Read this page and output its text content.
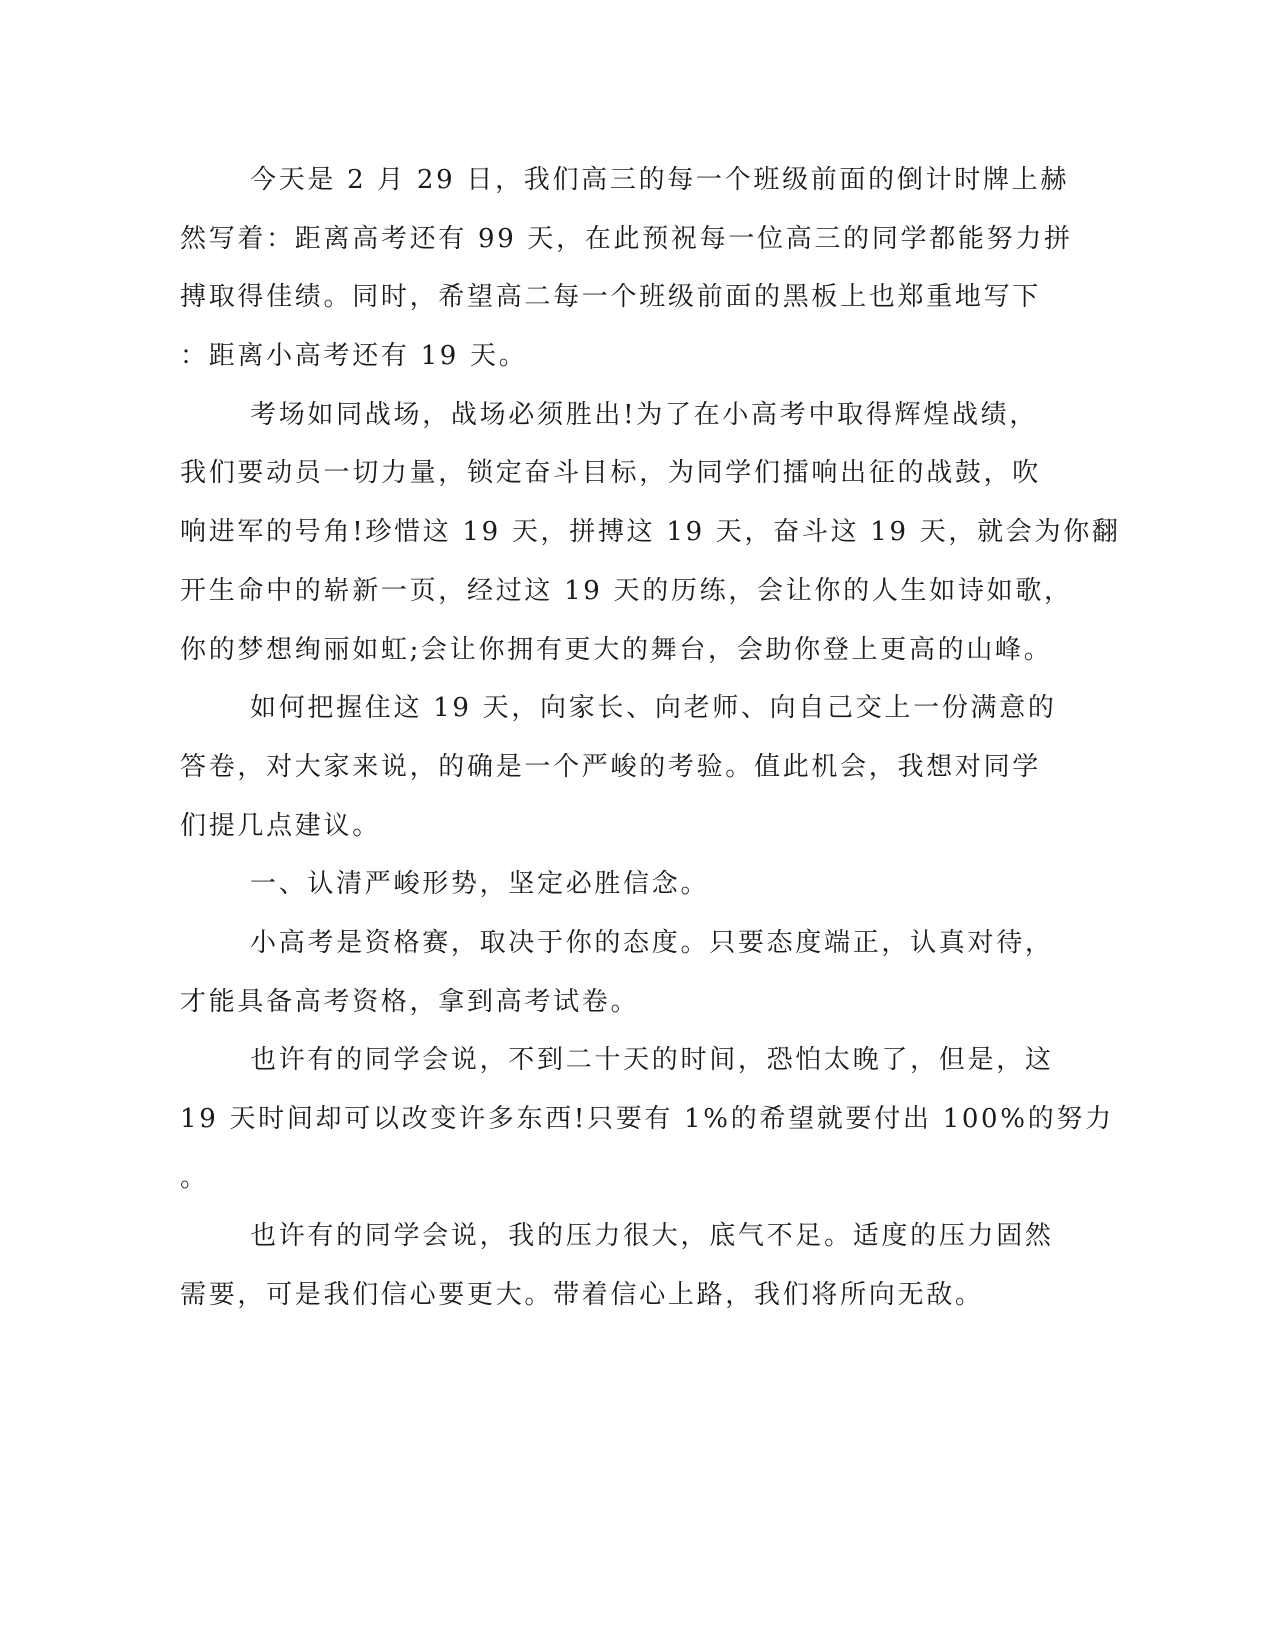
今天是 2 月 29 日，我们高三的每一个班级前面的倒计时牌上赫
然写着：距离高考还有 99 天，在此预祝每一位高三的同学都能努力拼
搏取得佳绩。同时，希望高二每一个班级前面的黑板上也郑重地写下
：距离小高考还有 19 天。
考场如同战场，战场必须胜出!为了在小高考中取得辉煌战绩，
我们要动员一切力量，锁定奋斗目标，为同学们擂响出征的战鼓，吹
响进军的号角!珍惜这 19 天，拼搏这 19 天，奋斗这 19 天，就会为你翻
开生命中的崭新一页，经过这 19 天的历练，会让你的人生如诗如歌，
你的梦想绚丽如虹;会让你拥有更大的舞台，会助你登上更高的山峰。
如何把握住这 19 天，向家长、向老师、向自己交上一份满意的
答卷，对大家来说，的确是一个严峻的考验。值此机会，我想对同学
们提几点建议。
一、认清严峻形势，坚定必胜信念。
小高考是资格赛，取决于你的态度。只要态度端正，认真对待，
才能具备高考资格，拿到高考试卷。
也许有的同学会说，不到二十天的时间，恐怕太晚了，但是，这
19 天时间却可以改变许多东西!只要有 1%的希望就要付出 100%的努力
。
也许有的同学会说，我的压力很大，底气不足。适度的压力固然
需要，可是我们信心要更大。带着信心上路，我们将所向无敌。
